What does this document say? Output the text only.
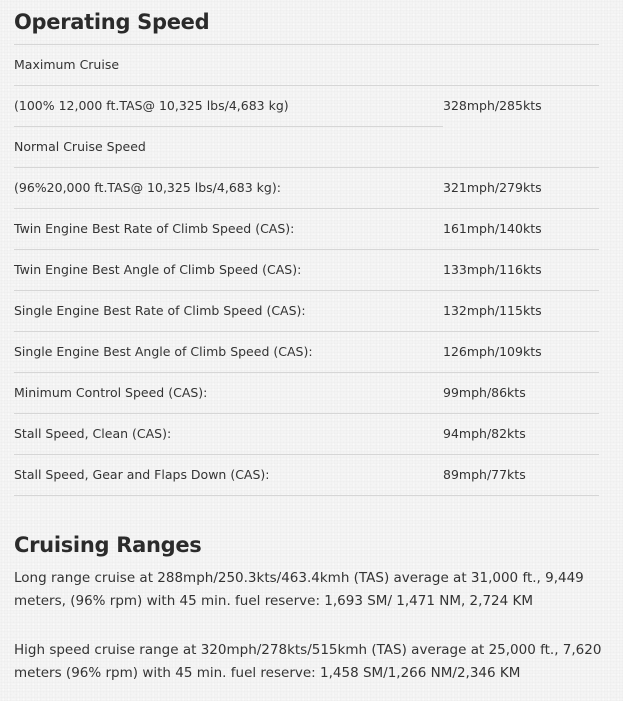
Operating Speed
Maximum Cruise
(100% 12,000 ft.TAS@ 10,325 lbs/4,683 kg)	328mph/285kts
Normal Cruise Speed
(96%20,000 ft.TAS@ 10,325 lbs/4,683 kg):	321mph/279kts
Twin Engine Best Rate of Climb Speed (CAS):	161mph/140kts
Twin Engine Best Angle of Climb Speed (CAS):	133mph/116kts
Single Engine Best Rate of Climb Speed (CAS):	132mph/115kts
Single Engine Best Angle of Climb Speed (CAS):	126mph/109kts
Minimum Control Speed (CAS):	99mph/86kts
Stall Speed, Clean (CAS):	94mph/82kts
Stall Speed, Gear and Flaps Down (CAS):	89mph/77kts
Cruising Ranges

Long range cruise at 288mph/250.3kts/463.4kmh (TAS) average at 31,000 ft., 9,449 meters, (96% rpm) with 45 min. fuel reserve: 1,693 SM/ 1,471 NM, 2,724 KM

High speed cruise range at 320mph/278kts/515kmh (TAS) average at 25,000 ft., 7,620 meters (96% rpm) with 45 min. fuel reserve: 1,458 SM/1,266 NM/2,346 KM
